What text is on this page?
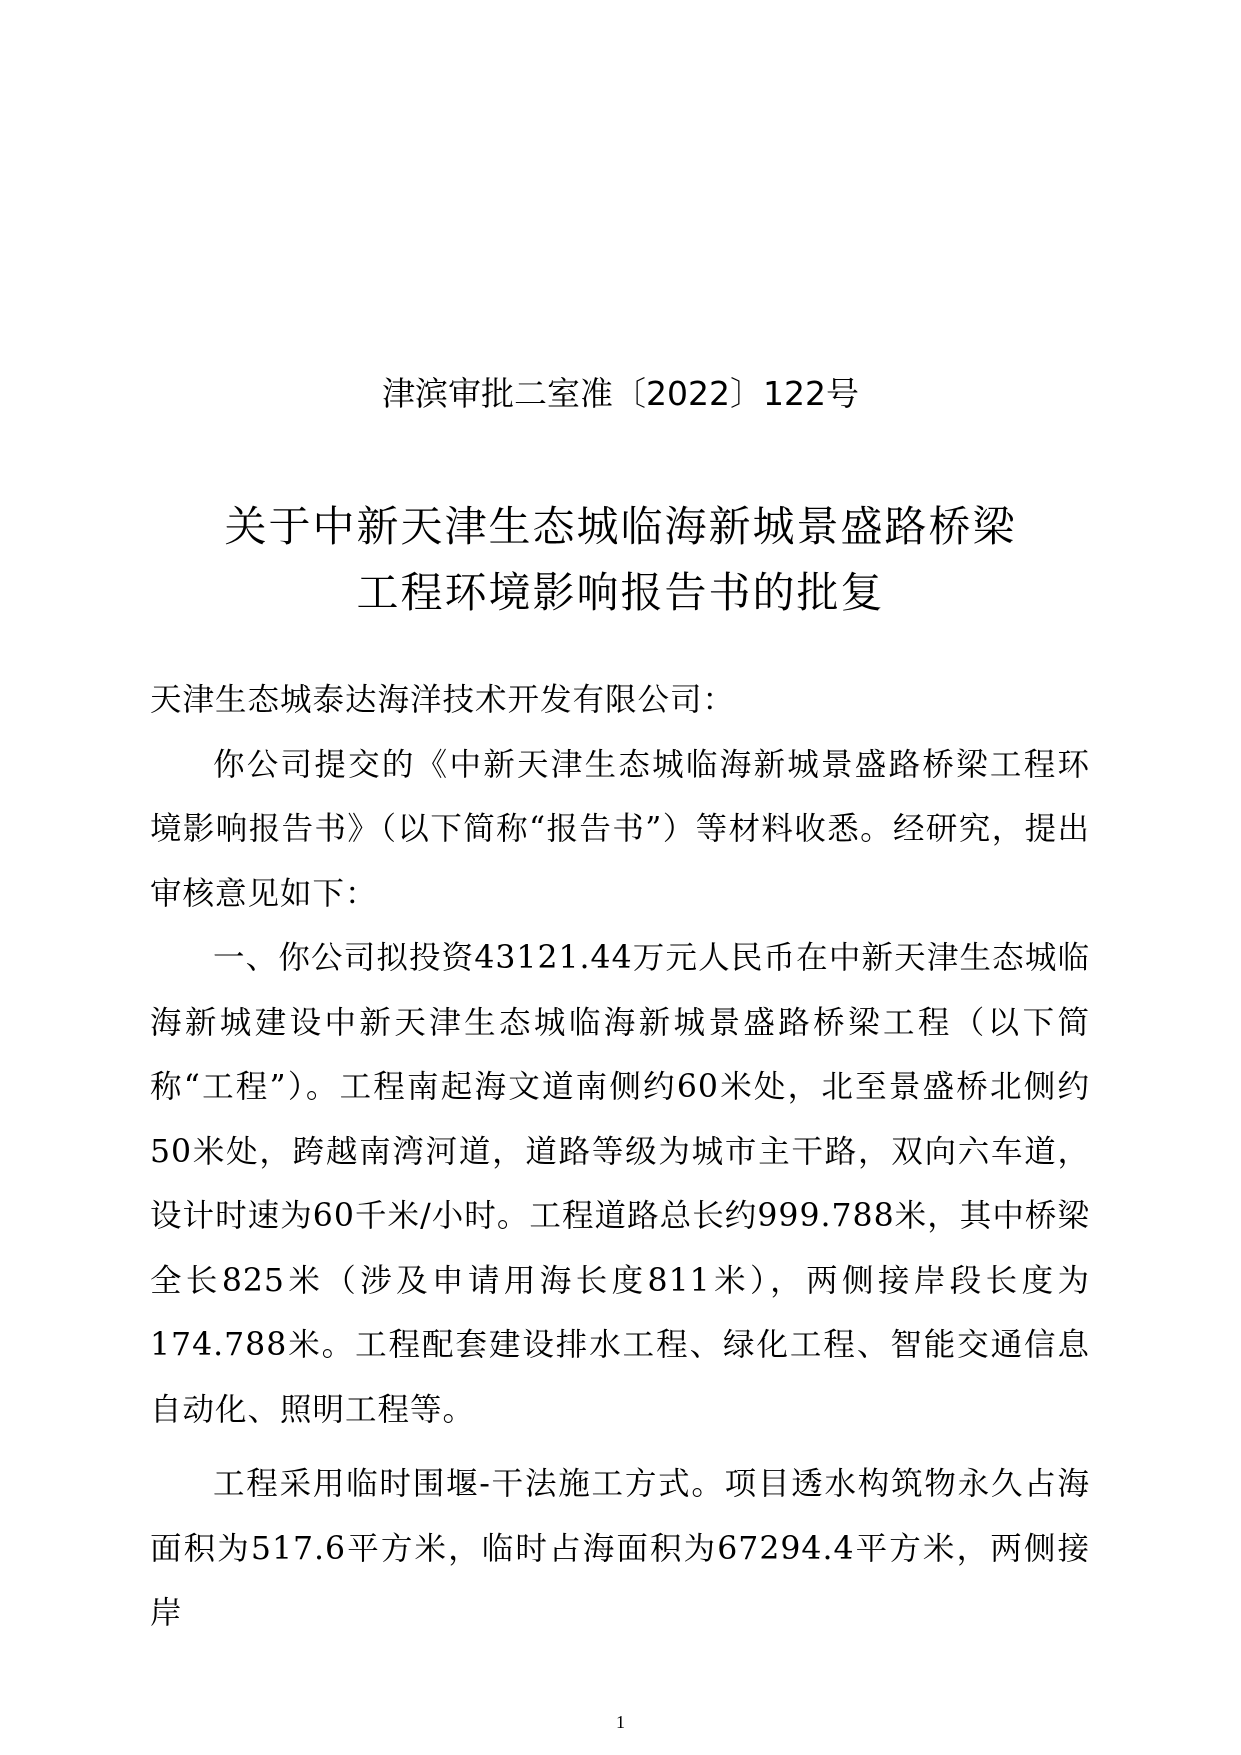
津滨审批二室准〔2022〕122号
关于中新天津生态城临海新城景盛路桥梁
工程环境影响报告书的批复

天津生态城泰达海洋技术开发有限公司：

你公司提交的《中新天津生态城临海新城景盛路桥梁工程环境影响报告书》（以下简称“报告书”）等材料收悉。经研究，提出审核意见如下：

一、你公司拟投资43121.44万元人民币在中新天津生态城临海新城建设中新天津生态城临海新城景盛路桥梁工程（以下简称“工程”）。工程南起海文道南侧约60米处，北至景盛桥北侧约50米处，跨越南湾河道，道路等级为城市主干路，双向六车道，设计时速为60千米/小时。工程道路总长约999.788米，其中桥梁全长825米（涉及申请用海长度811米），两侧接岸段长度为174.788米。工程配套建设排水工程、绿化工程、智能交通信息自动化、照明工程等。

工程采用临时围堰-干法施工方式。项目透水构筑物永久占海面积为517.6平方米，临时占海面积为67294.4平方米，两侧接岸

1
